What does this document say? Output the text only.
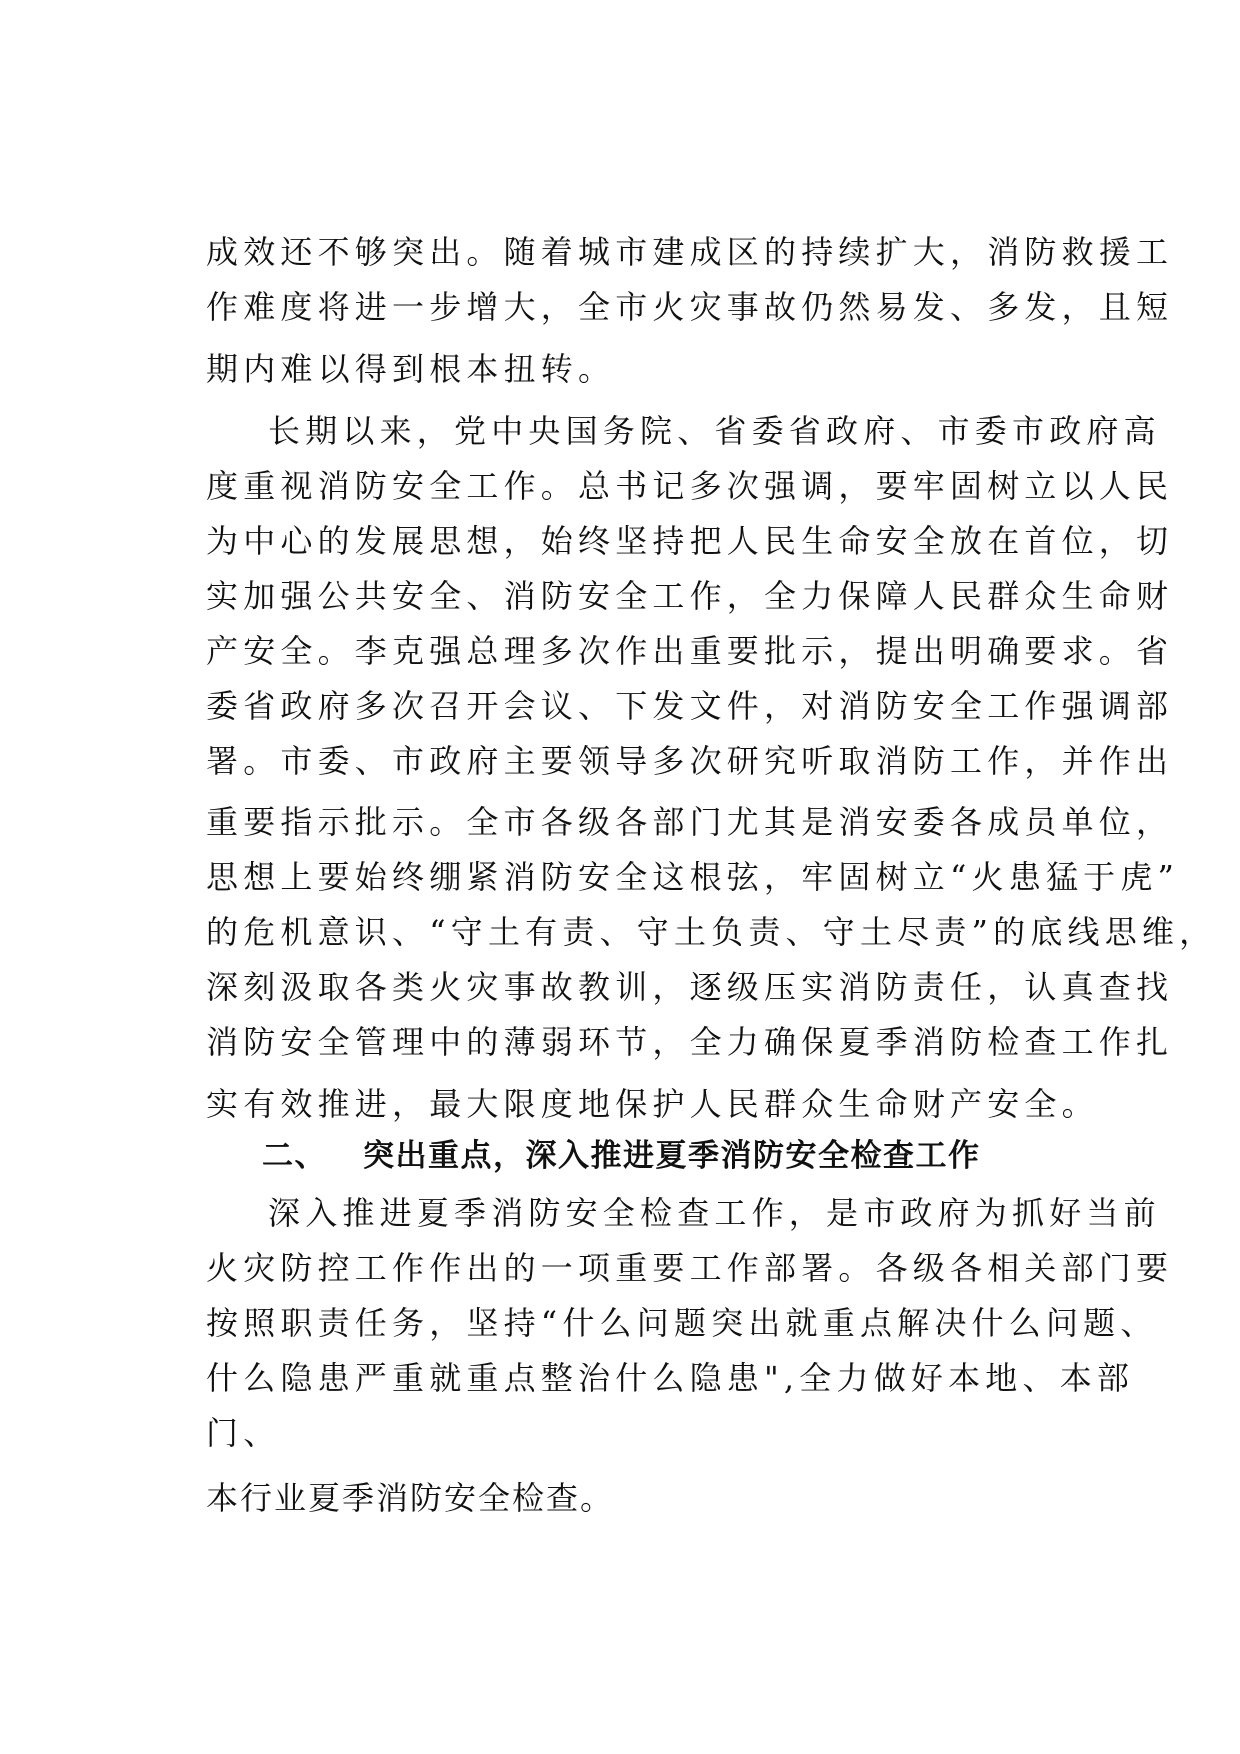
成效还不够突出。随着城市建成区的持续扩大，消防救援工
作难度将进一步增大，全市火灾事故仍然易发、多发，且短
期内难以得到根本扭转。
长期以来，党中央国务院、省委省政府、市委市政府高
度重视消防安全工作。总书记多次强调，要牢固树立以人民
为中心的发展思想，始终坚持把人民生命安全放在首位，切
实加强公共安全、消防安全工作，全力保障人民群众生命财
产安全。李克强总理多次作出重要批示，提出明确要求。省
委省政府多次召开会议、下发文件，对消防安全工作强调部
署。市委、市政府主要领导多次研究听取消防工作，并作出
重要指示批示。全市各级各部门尤其是消安委各成员单位，
思想上要始终绷紧消防安全这根弦，牢固树立“火患猛于虎”
的危机意识、“守土有责、守土负责、守土尽责”的底线思维，
深刻汲取各类火灾事故教训，逐级压实消防责任，认真查找
消防安全管理中的薄弱环节，全力确保夏季消防检查工作扎
实有效推进，最大限度地保护人民群众生命财产安全。
二、 突出重点，深入推进夏季消防安全检查工作
深入推进夏季消防安全检查工作，是市政府为抓好当前
火灾防控工作作出的一项重要工作部署。各级各相关部门要
按照职责任务，坚持“什么问题突出就重点解决什么问题、
什么隐患严重就重点整治什么隐患",全力做好本地、本部
门、
本行业夏季消防安全检查。
